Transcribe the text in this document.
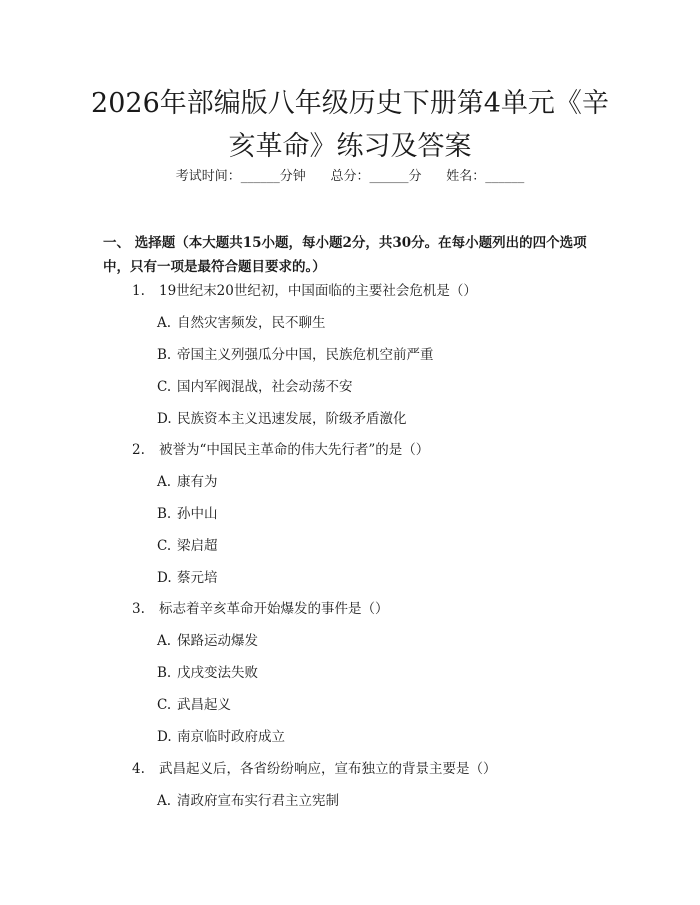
2026年部编版八年级历史下册第4单元《辛亥革命》练习及答案
考试时间：______分钟      总分：______分      姓名：______

一、 选择题（本大题共15小题，每小题2分，共30分。在每小题列出的四个选项中，只有一项是最符合题目要求的。）

1. 19世纪末20世纪初，中国面临的主要社会危机是（）
A. 自然灾害频发，民不聊生
B. 帝国主义列强瓜分中国，民族危机空前严重
C. 国内军阀混战，社会动荡不安
D. 民族资本主义迅速发展，阶级矛盾激化
2. 被誉为“中国民主革命的伟大先行者”的是（）
A. 康有为
B. 孙中山
C. 梁启超
D. 蔡元培
3. 标志着辛亥革命开始爆发的事件是（）
A. 保路运动爆发
B. 戊戌变法失败
C. 武昌起义
D. 南京临时政府成立
4. 武昌起义后，各省纷纷响应，宣布独立的背景主要是（）
A. 清政府宣布实行君主立宪制
